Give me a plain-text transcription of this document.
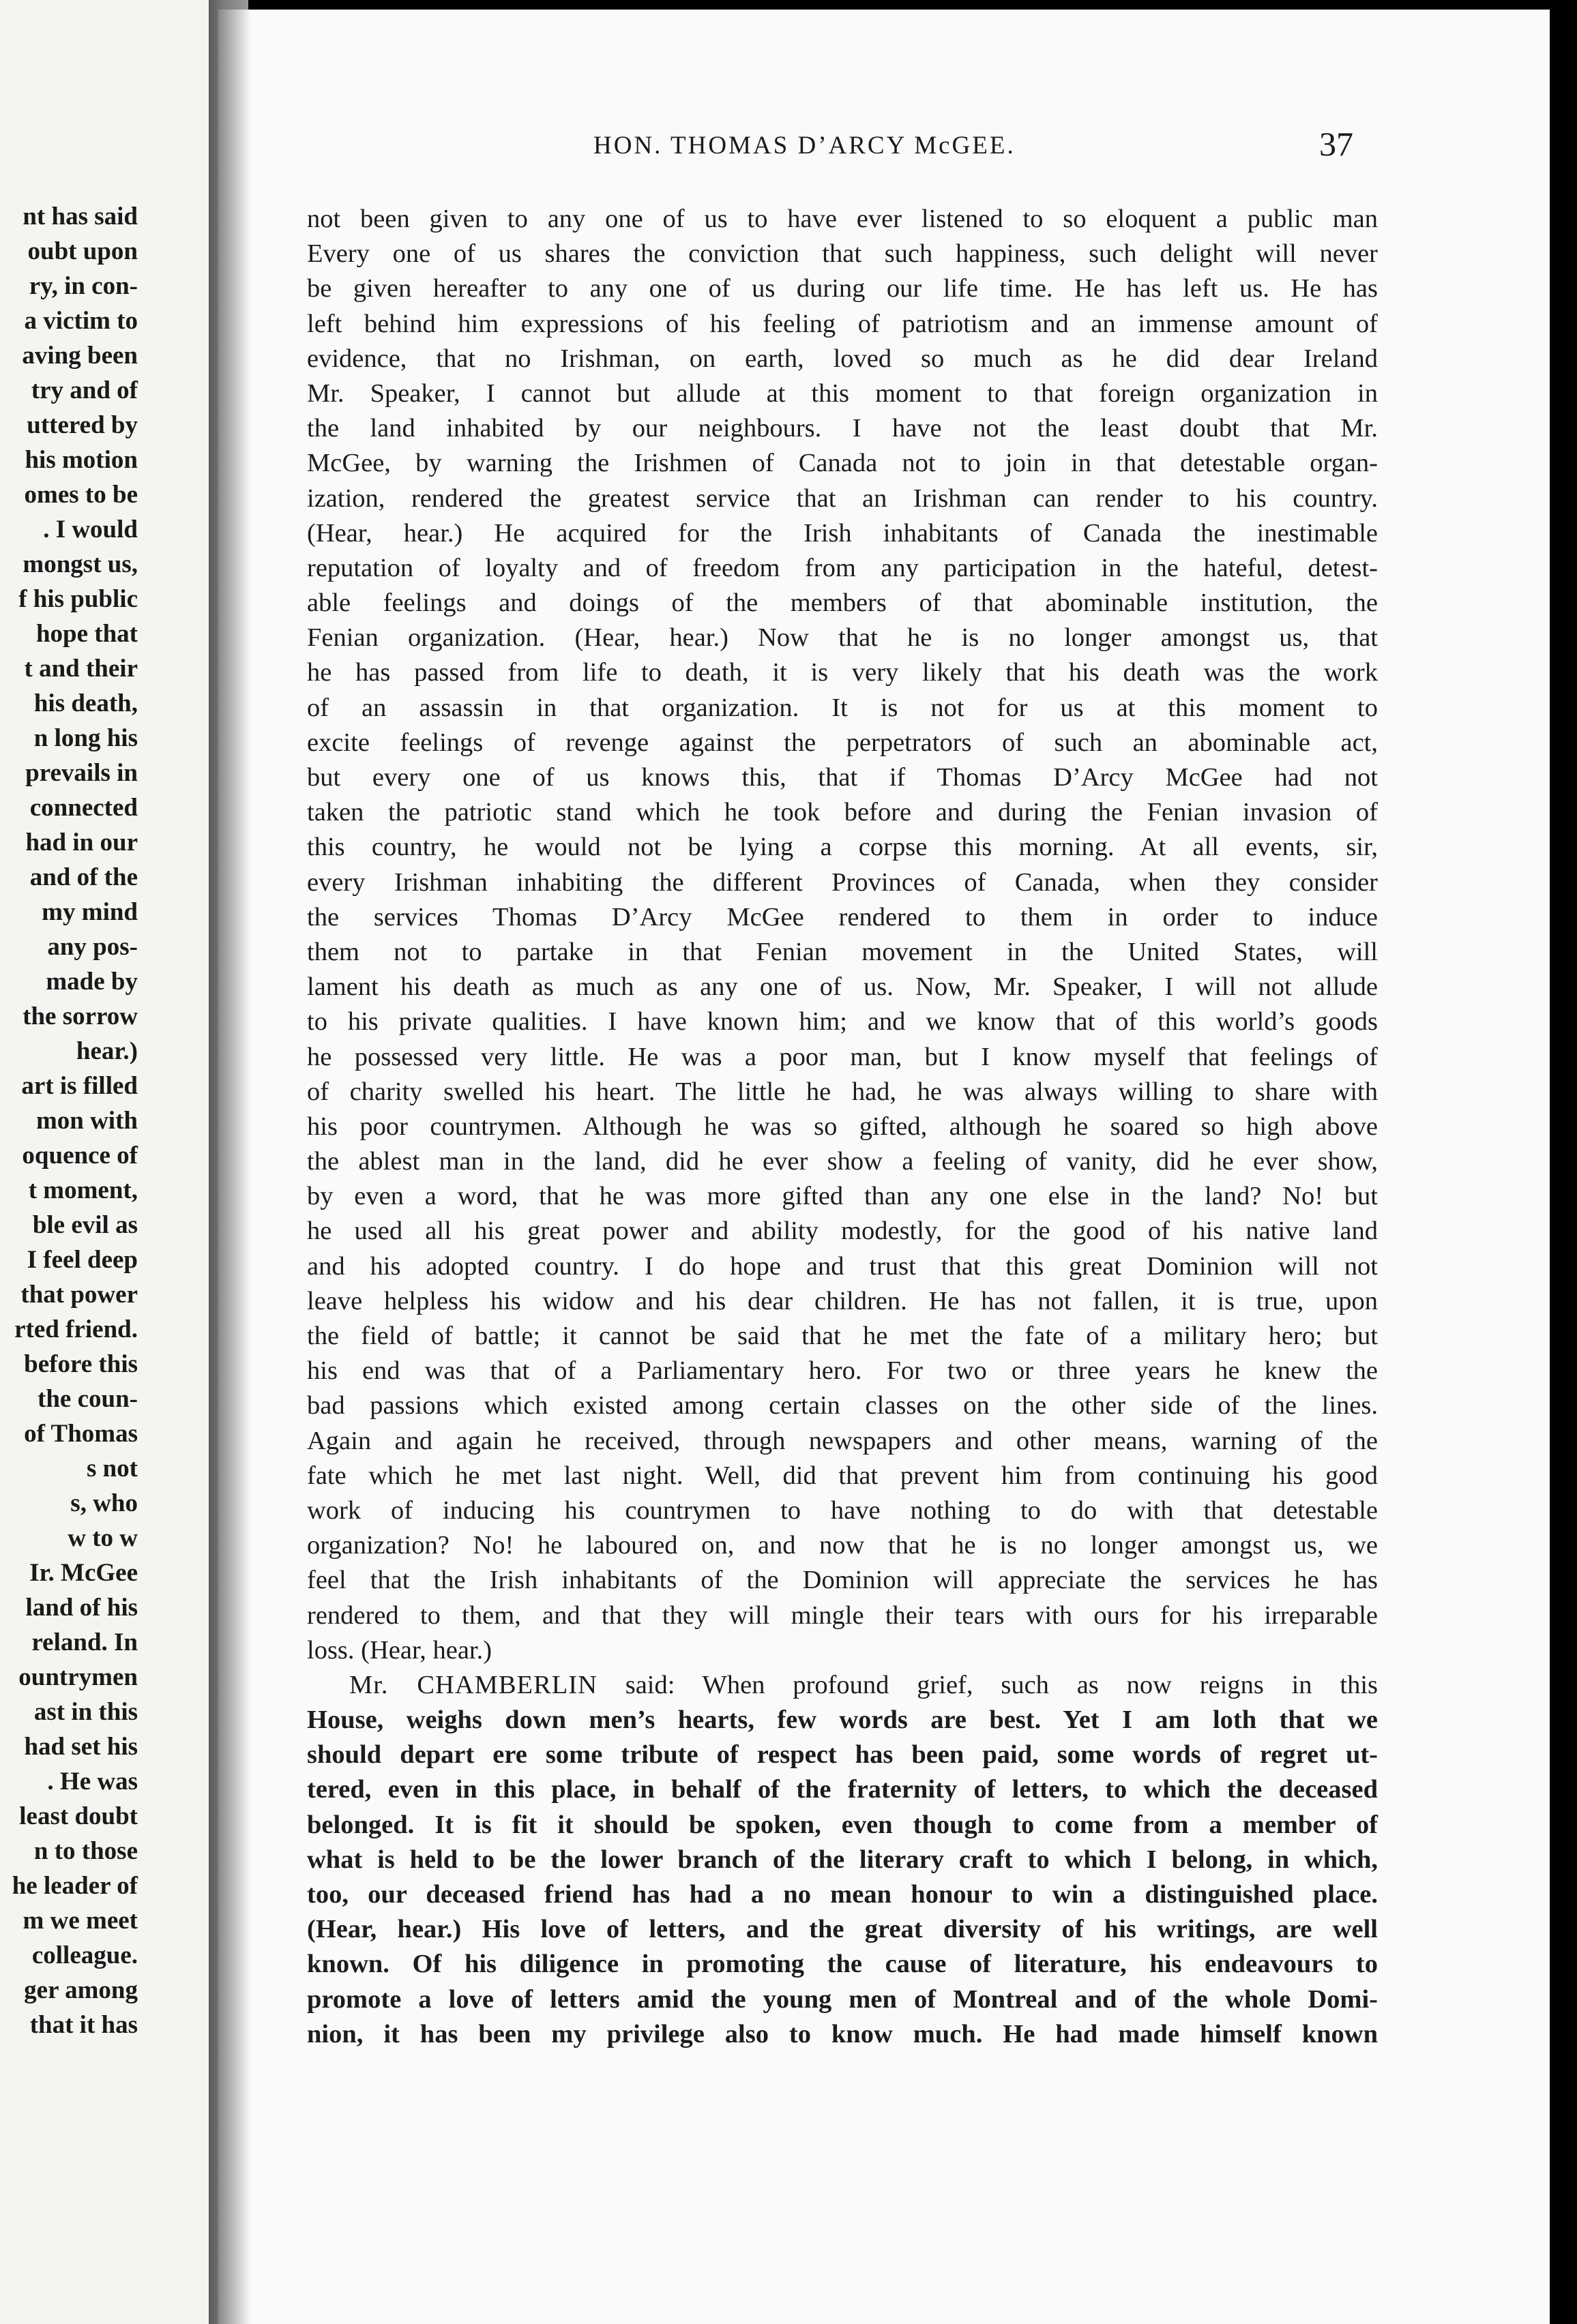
nt has said
oubt upon
ry, in con-
a victim to
aving been
try and of
uttered by
his motion
omes to be
. I would
mongst us,
f his public
hope that
t and their
his death,
n long his
prevails in
connected
had in our
and of the
my mind
any pos-
made by
the sorrow
hear.)
art is filled
mon with
oquence of
t moment,
ble evil as
I feel deep
that power
rted friend.
before this
the coun-
of Thomas
s not
s, who
w to w
Ir. McGee
land of his
reland. In
ountrymen
ast in this
had set his
. He was
least doubt
n to those
he leader of
m we meet
colleague.
ger among
that it has
HON. THOMAS D’ARCY McGEE.	37
not been given to any one of us to have ever listened to so eloquent a public man
Every one of us shares the conviction that such happiness, such delight will never
be given hereafter to any one of us during our life time. He has left us. He has
left behind him expressions of his feeling of patriotism and an immense amount of
evidence, that no Irishman, on earth, loved so much as he did dear Ireland
Mr. Speaker, I cannot but allude at this moment to that foreign organization in
the land inhabited by our neighbours. I have not the least doubt that Mr.
McGee, by warning the Irishmen of Canada not to join in that detestable organ-
ization, rendered the greatest service that an Irishman can render to his country.
(Hear, hear.) He acquired for the Irish inhabitants of Canada the inestimable
reputation of loyalty and of freedom from any participation in the hateful, detest-
able feelings and doings of the members of that abominable institution, the
Fenian organization. (Hear, hear.) Now that he is no longer amongst us, that
he has passed from life to death, it is very likely that his death was the work
of an assassin in that organization. It is not for us at this moment to
excite feelings of revenge against the perpetrators of such an abominable act,
but every one of us knows this, that if Thomas D’Arcy McGee had not
taken the patriotic stand which he took before and during the Fenian invasion of
this country, he would not be lying a corpse this morning. At all events, sir,
every Irishman inhabiting the different Provinces of Canada, when they consider
the services Thomas D’Arcy McGee rendered to them in order to induce
them not to partake in that Fenian movement in the United States, will
lament his death as much as any one of us. Now, Mr. Speaker, I will not allude
to his private qualities. I have known him; and we know that of this world’s goods
he possessed very little. He was a poor man, but I know myself that feelings of
of charity swelled his heart. The little he had, he was always willing to share with
his poor countrymen. Although he was so gifted, although he soared so high above
the ablest man in the land, did he ever show a feeling of vanity, did he ever show,
by even a word, that he was more gifted than any one else in the land? No! but
he used all his great power and ability modestly, for the good of his native land
and his adopted country. I do hope and trust that this great Dominion will not
leave helpless his widow and his dear children. He has not fallen, it is true, upon
the field of battle; it cannot be said that he met the fate of a military hero; but
his end was that of a Parliamentary hero. For two or three years he knew the
bad passions which existed among certain classes on the other side of the lines.
Again and again he received, through newspapers and other means, warning of the
fate which he met last night. Well, did that prevent him from continuing his good
work of inducing his countrymen to have nothing to do with that detestable
organization? No! he laboured on, and now that he is no longer amongst us, we
feel that the Irish inhabitants of the Dominion will appreciate the services he has
rendered to them, and that they will mingle their tears with ours for his irreparable
loss. (Hear, hear.)
Mr. CHAMBERLIN said: When profound grief, such as now reigns in this
House, weighs down men’s hearts, few words are best. Yet I am loth that we
should depart ere some tribute of respect has been paid, some words of regret ut-
tered, even in this place, in behalf of the fraternity of letters, to which the deceased
belonged. It is fit it should be spoken, even though to come from a member of
what is held to be the lower branch of the literary craft to which I belong, in which,
too, our deceased friend has had a no mean honour to win a distinguished place.
(Hear, hear.) His love of letters, and the great diversity of his writings, are well
known. Of his diligence in promoting the cause of literature, his endeavours to
promote a love of letters amid the young men of Montreal and of the whole Domi-
nion, it has been my privilege also to know much. He had made himself known
